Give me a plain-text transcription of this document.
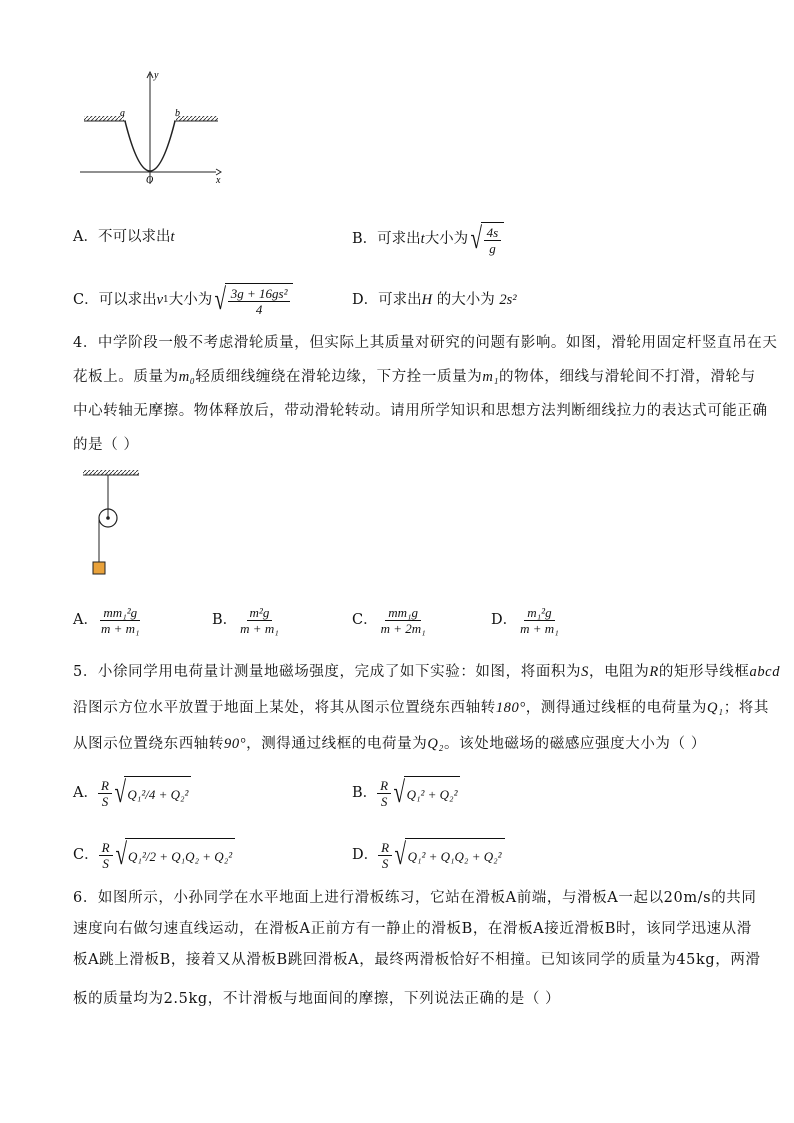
y
x
O
a	b
A．不可以求出t	B．可求出 t 大小为 √ $\frac{4s}{g}$
C．可以求出 v 1 大小为 √ $\frac{\text{3g + 16gs²}}{4}$	D．可求出H 的大小为 2s²
4．中学阶段一般不考虑滑轮质量，但实际上其质量对研究的问题有影响。如图，滑轮用固定杆竖直吊在天
花板上。质量为m₀轻质细线缠绕在滑轮边缘，下方拴一质量为m₁的物体，细线与滑轮间不打滑，滑轮与
中心转轴无摩擦。物体释放后，带动滑轮转动。请用所学知识和思想方法判断细线拉力的表达式可能正确
的是（ ）
A． $\frac{\text{mm₁²g}}{\text{m + m₁}}$	B． $\frac{\text{m²g}}{\text{m + m₁}}$	C． $\frac{\text{mm₁g}}{\text{m + 2m₁}}$	D． $\frac{\text{m₁²g}}{\text{m + m₁}}$
5．小徐同学用电荷量计测量地磁场强度，完成了如下实验：如图，将面积为S，电阻为R的矩形导线框abcd
沿图示方位水平放置于地面上某处，将其从图示位置绕东西轴转180°，测得通过线框的电荷量为Q₁；将其
从图示位置绕东西轴转90°，测得通过线框的电荷量为Q₂。该处地磁场的磁感应强度大小为（ ）
A． $\frac{R}{S}$ √ Q₁²/4 + Q₂²	B． $\frac{R}{S}$ √ Q₁² + Q₂²
C． $\frac{R}{S}$ √ Q₁²/2 + Q₁Q₂ + Q₂²	D． $\frac{R}{S}$ √ Q₁² + Q₁Q₂ + Q₂²
6．如图所示，小孙同学在水平地面上进行滑板练习，它站在滑板A前端，与滑板A一起以20m/s的共同
速度向右做匀速直线运动，在滑板A正前方有一静止的滑板B，在滑板A接近滑板B时，该同学迅速从滑
板A跳上滑板B，接着又从滑板B跳回滑板A，最终两滑板恰好不相撞。已知该同学的质量为45kg，两滑
板的质量均为2.5kg，不计滑板与地面间的摩擦，下列说法正确的是（ ）
